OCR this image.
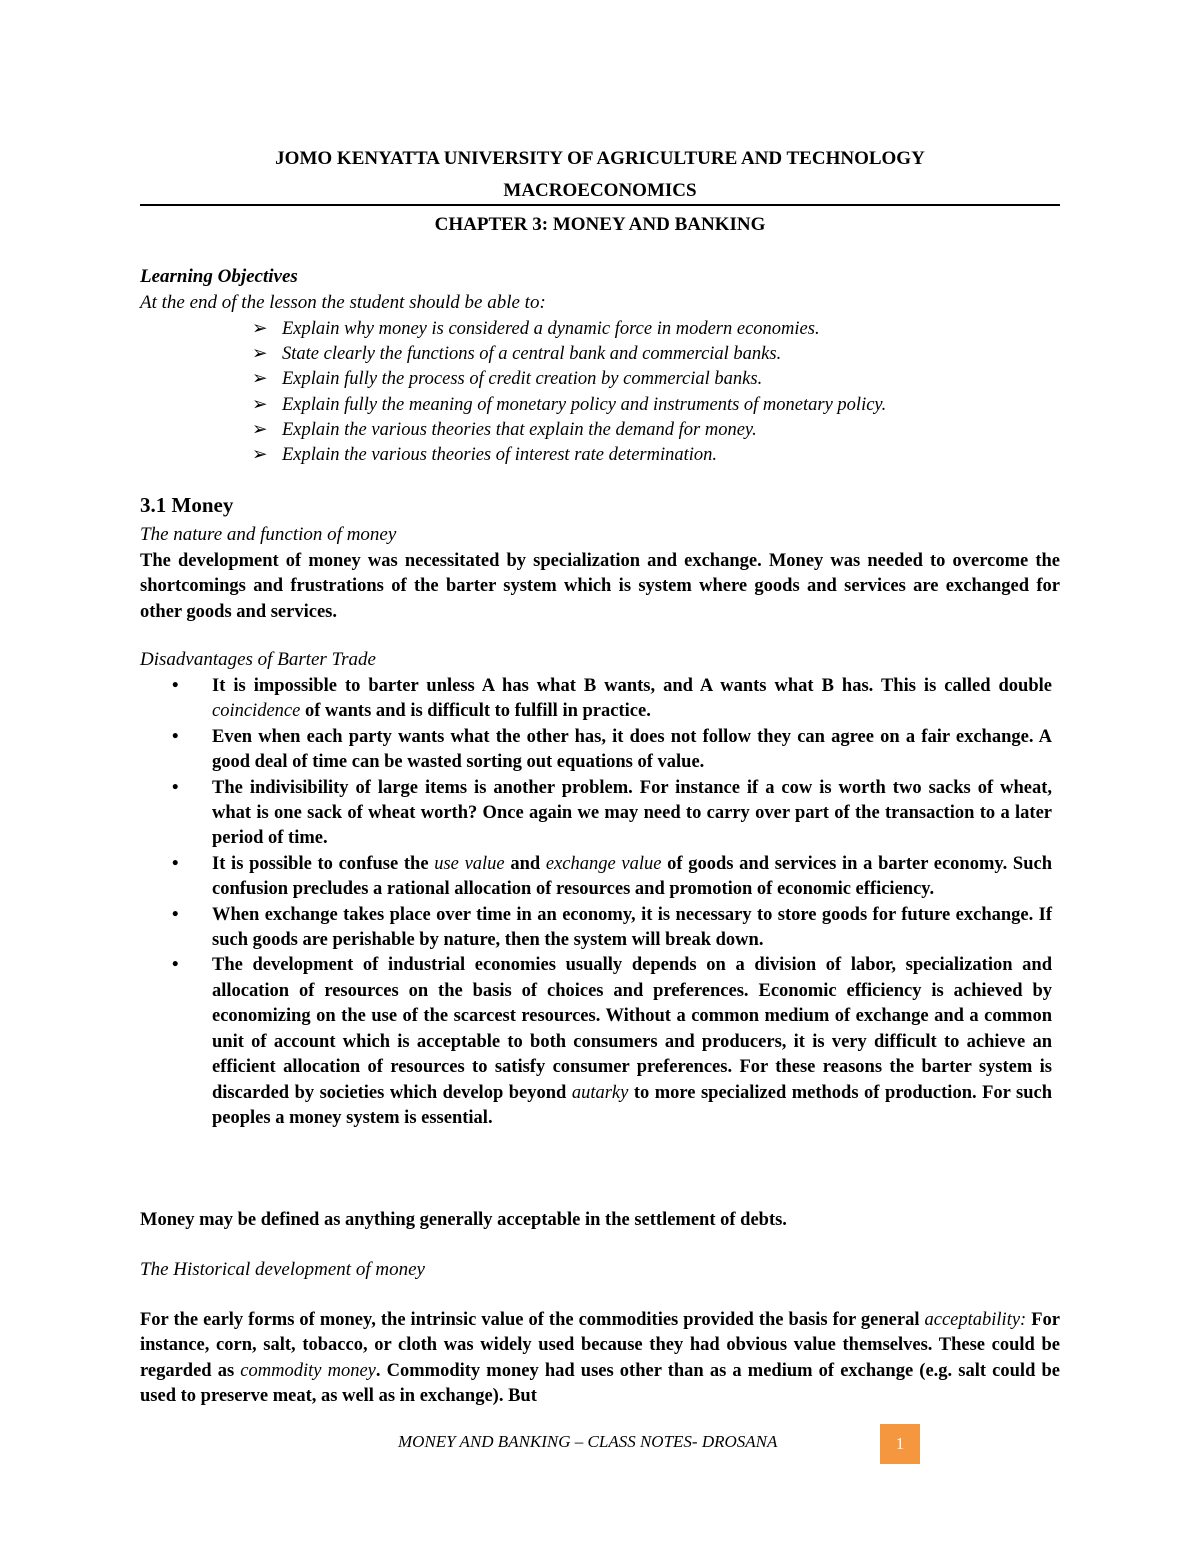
JOMO KENYATTA UNIVERSITY OF AGRICULTURE AND TECHNOLOGY
MACROECONOMICS
CHAPTER 3: MONEY AND BANKING
Learning Objectives
At the end of the lesson the student should be able to:
➢ Explain why money is considered a dynamic force in modern economies.
➢ State clearly the functions of a central bank and commercial banks.
➢ Explain fully the process of credit creation by commercial banks.
➢ Explain fully the meaning of monetary policy and instruments of monetary policy.
➢ Explain the various theories that explain the demand for money.
➢ Explain the various theories of interest rate determination.
3.1 Money
The nature and function of money
The development of money was necessitated by specialization and exchange. Money was needed to overcome the shortcomings and frustrations of the barter system which is system where goods and services are exchanged for other goods and services.
Disadvantages of Barter Trade
• It is impossible to barter unless A has what B wants, and A wants what B has. This is called double coincidence of wants and is difficult to fulfill in practice.
• Even when each party wants what the other has, it does not follow they can agree on a fair exchange. A good deal of time can be wasted sorting out equations of value.
• The indivisibility of large items is another problem. For instance if a cow is worth two sacks of wheat, what is one sack of wheat worth? Once again we may need to carry over part of the transaction to a later period of time.
• It is possible to confuse the use value and exchange value of goods and services in a barter economy. Such confusion precludes a rational allocation of resources and promotion of economic efficiency.
• When exchange takes place over time in an economy, it is necessary to store goods for future exchange. If such goods are perishable by nature, then the system will break down.
• The development of industrial economies usually depends on a division of labor, specialization and allocation of resources on the basis of choices and preferences. Economic efficiency is achieved by economizing on the use of the scarcest resources. Without a common medium of exchange and a common unit of account which is acceptable to both consumers and producers, it is very difficult to achieve an efficient allocation of resources to satisfy consumer preferences. For these reasons the barter system is discarded by societies which develop beyond autarky to more specialized methods of production. For such peoples a money system is essential.
Money may be defined as anything generally acceptable in the settlement of debts.
The Historical development of money
For the early forms of money, the intrinsic value of the commodities provided the basis for general acceptability: For instance, corn, salt, tobacco, or cloth was widely used because they had obvious value themselves. These could be regarded as commodity money. Commodity money had uses other than as a medium of exchange (e.g. salt could be used to preserve meat, as well as in exchange). But
MONEY AND BANKING – CLASS NOTES- DROSANA	1
